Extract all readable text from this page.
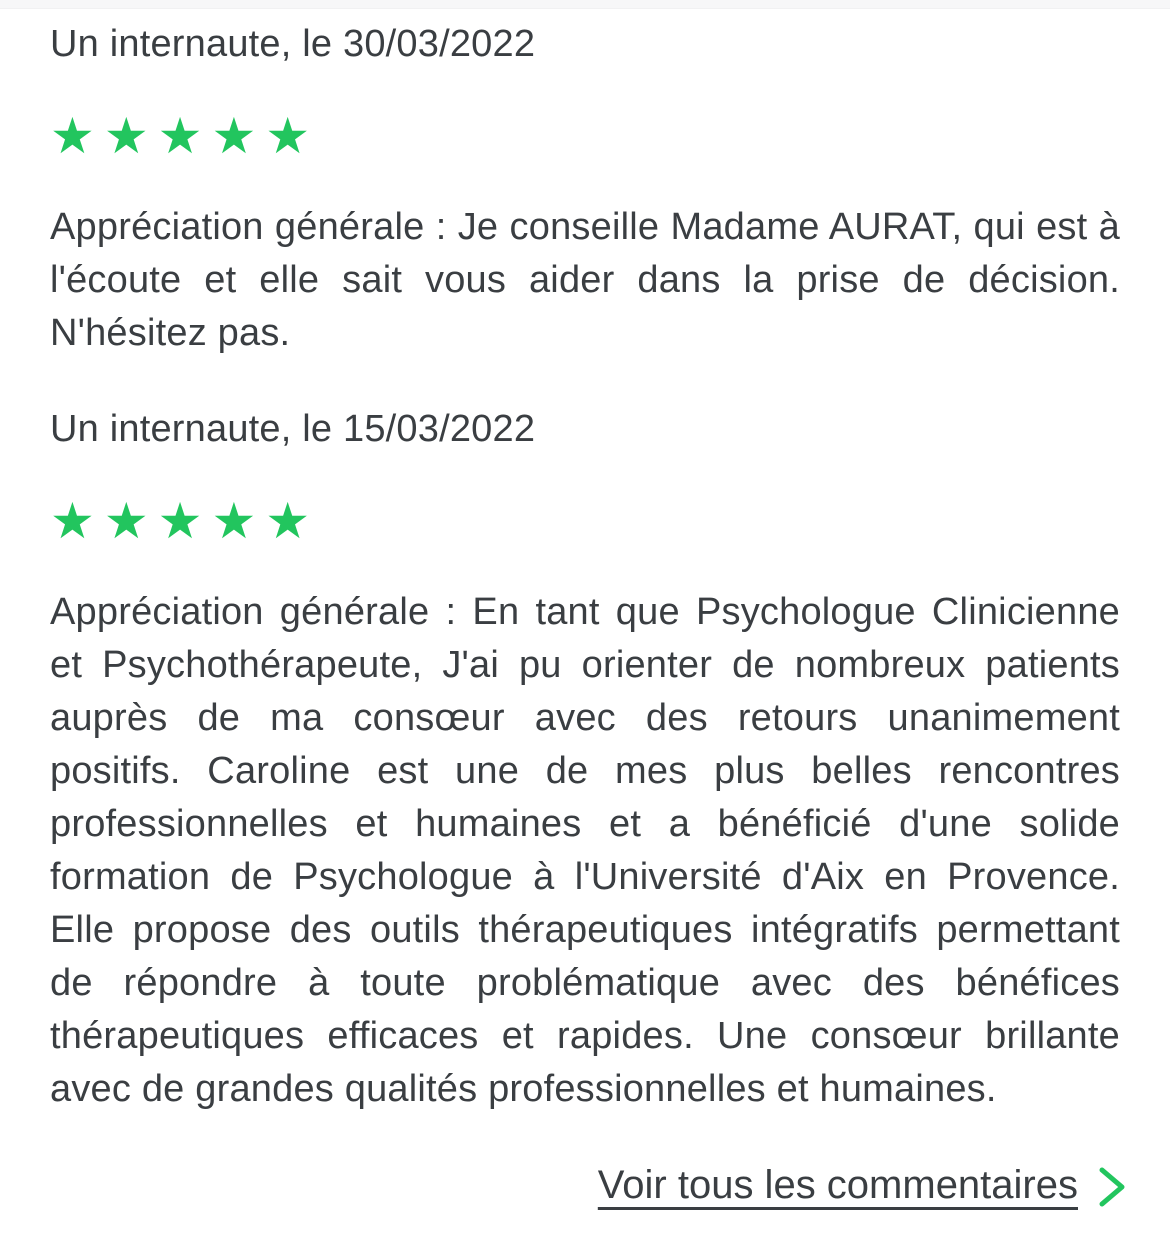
Un internaute, le 30/03/2022
★★★★★

Appréciation générale : Je conseille Madame AURAT, qui est à l'écoute et elle sait vous aider dans la prise de décision. N'hésitez pas.

Un internaute, le 15/03/2022
★★★★★

Appréciation générale : En tant que Psychologue Clinicienne et Psychothérapeute, J'ai pu orienter de nombreux patients auprès de ma consœur avec des retours unanimement positifs. Caroline est une de mes plus belles rencontres professionnelles et humaines et a bénéficié d'une solide formation de Psychologue à l'Université d'Aix en Provence. Elle propose des outils thérapeutiques intégratifs permettant de répondre à toute problématique avec des bénéfices thérapeutiques efficaces et rapides. Une consœur brillante avec de grandes qualités professionnelles et humaines.

Voir tous les commentaires
